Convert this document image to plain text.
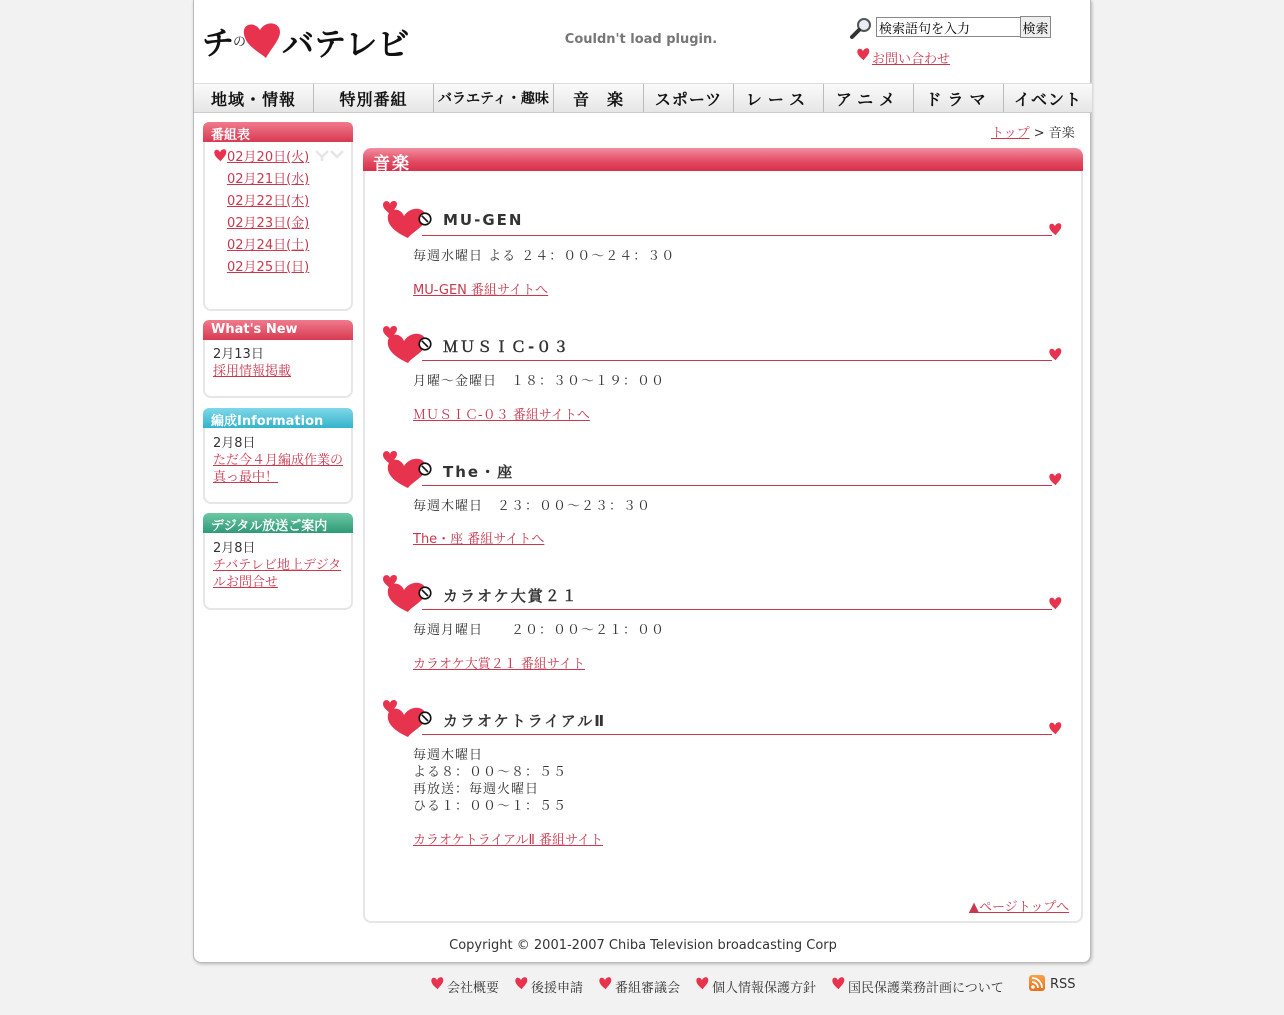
チ
の バテレビ	Couldn't load plugin.
検索語句を入力
検索
お問い合わせ
地域・情報	特別番組	バラエティ・趣味	音　楽	スポーツ	レース	アニメ	ドラマ	イベント
番組表
02月20日(火)
02月21日(水)
02月22日(木)
02月23日(金)
02月24日(土)
02月25日(日)
What's New
2月13日
採用情報掲載
編成Information
2月8日
ただ今４月編成作業の真っ最中！
デジタル放送ご案内
2月8日
チバテレビ地上デジタルお問合せ
トップ > 音楽
音楽
MU-GEN
毎週水曜日 よる ２４：００～２４：３０
MU-GEN 番組サイトへ
ＭＵＳＩＣ-０３
月曜～金曜日　１８：３０～１９：００
ＭＵＳＩＣ-０３ 番組サイトへ
The・座
毎週木曜日　２３：００～２３：３０
The・座 番組サイトへ
カラオケ大賞２１
毎週月曜日　　２０：００～２１：００
カラオケ大賞２１ 番組サイト
カラオケトライアルⅡ
毎週木曜日
よる８：００～８：５５
再放送：毎週火曜日
ひる１：００～１：５５
カラオケトライアルⅡ 番組サイト
▲ページトップへ
Copyright © 2001-2007 Chiba Television broadcasting Corp
会社概要 後援申請 番組審議会 個人情報保護方針 国民保護業務計画について	RSS
